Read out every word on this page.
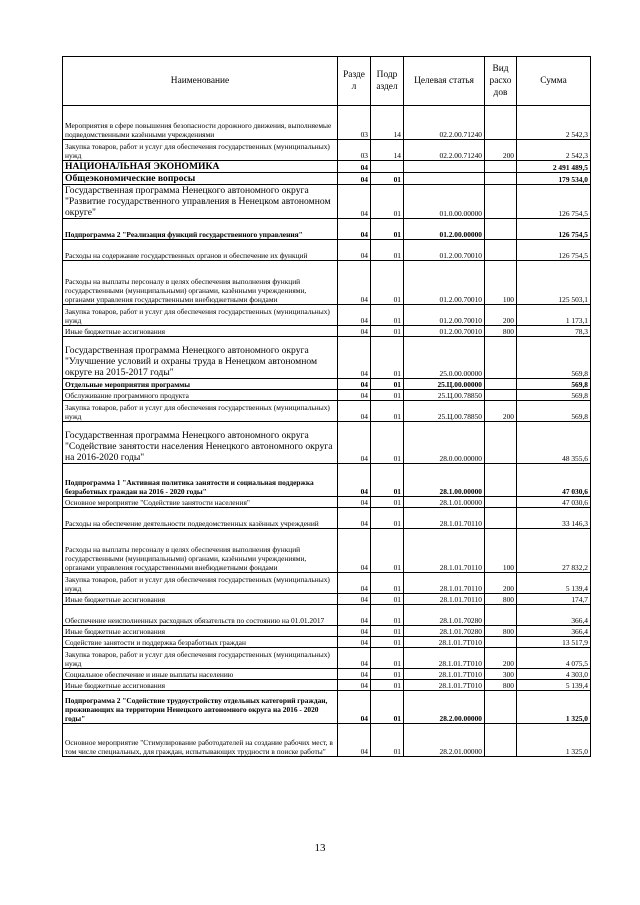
Наименование	Разде л	Подр аздел	Целевая статья	Вид расхо дов	Сумма
Мероприятия в сфере повышения безопасности дорожного движения, выполняемые подведомственными казёнными учреждениями	03	14	02.2.00.71240		2 542,3
Закупка товаров, работ и услуг для обеспечения государственных (муниципальных) нужд	03	14	02.2.00.71240	200	2 542,3
НАЦИОНАЛЬНАЯ ЭКОНОМИКА	04				2 491 489,5
Общеэкономические вопросы	04	01			179 534,0
Государственная программа Ненецкого автономного округа "Развитие государственного управления в Ненецком автономном округе"	04	01	01.0.00.00000		126 754,5
Подпрограмма 2 "Реализация функций государственного управления"	04	01	01.2.00.00000		126 754,5
Расходы на содержание государственных органов и обеспечение их функций	04	01	01.2.00.70010		126 754,5
Расходы на выплаты персоналу в целях обеспечения выполнения функций государственными (муниципальными) органами, казёнными учреждениями, органами управления государственными внебюджетными фондами	04	01	01.2.00.70010	100	125 503,1
Закупка товаров, работ и услуг для обеспечения государственных (муниципальных) нужд	04	01	01.2.00.70010	200	1 173,1
Иные бюджетные ассигнования	04	01	01.2.00.70010	800	78,3
Государственная программа Ненецкого автономного округа "Улучшение условий и охраны труда в Ненецком автономном округе на 2015-2017 годы"	04	01	25.0.00.00000		569,8
Отдельные мероприятия программы	04	01	25.Ц.00.00000		569,8
Обслуживание программного продукта	04	01	25.Ц.00.78850		569,8
Закупка товаров, работ и услуг для обеспечения государственных (муниципальных) нужд	04	01	25.Ц.00.78850	200	569,8
Государственная программа Ненецкого автономного округа "Содействие занятости населения Ненецкого автономного округа на 2016-2020 годы"	04	01	28.0.00.00000		48 355,6
Подпрограмма 1 "Активная политика занятости и социальная поддержка безработных граждан на 2016 - 2020 годы"	04	01	28.1.00.00000		47 030,6
Основное мероприятие "Содействие занятости населения"	04	01	28.1.01.00000		47 030,6
Расходы на обеспечение деятельности подведомственных казённых учреждений	04	01	28.1.01.70110		33 146,3
Расходы на выплаты персоналу в целях обеспечения выполнения функций государственными (муниципальными) органами, казёнными учреждениями, органами управления государственными внебюджетными фондами	04	01	28.1.01.70110	100	27 832,2
Закупка товаров, работ и услуг для обеспечения государственных (муниципальных) нужд	04	01	28.1.01.70110	200	5 139,4
Иные бюджетные ассигнования	04	01	28.1.01.70110	800	174,7
Обеспечение неисполненных расходных обязательств по состоянию на 01.01.2017	04	01	28.1.01.70280		366,4
Иные бюджетные ассигнования	04	01	28.1.01.70280	800	366,4
Содействие занятости и поддержка безработных граждан	04	01	28.1.01.7Т010		13 517,9
Закупка товаров, работ и услуг для обеспечения государственных (муниципальных) нужд	04	01	28.1.01.7Т010	200	4 075,5
Социальное обеспечение и иные выплаты населению	04	01	28.1.01.7Т010	300	4 303,0
Иные бюджетные ассигнования	04	01	28.1.01.7Т010	800	5 139,4
Подпрограмма 2 "Содействие трудоустройству отдельных категорий граждан, проживающих на территории Ненецкого автономного округа на 2016 - 2020 годы"	04	01	28.2.00.00000		1 325,0
Основное мероприятие "Стимулирование работодателей на создание рабочих мест, в том числе специальных, для граждан, испытывающих трудности в поиске работы"	04	01	28.2.01.00000		1 325,0
13
